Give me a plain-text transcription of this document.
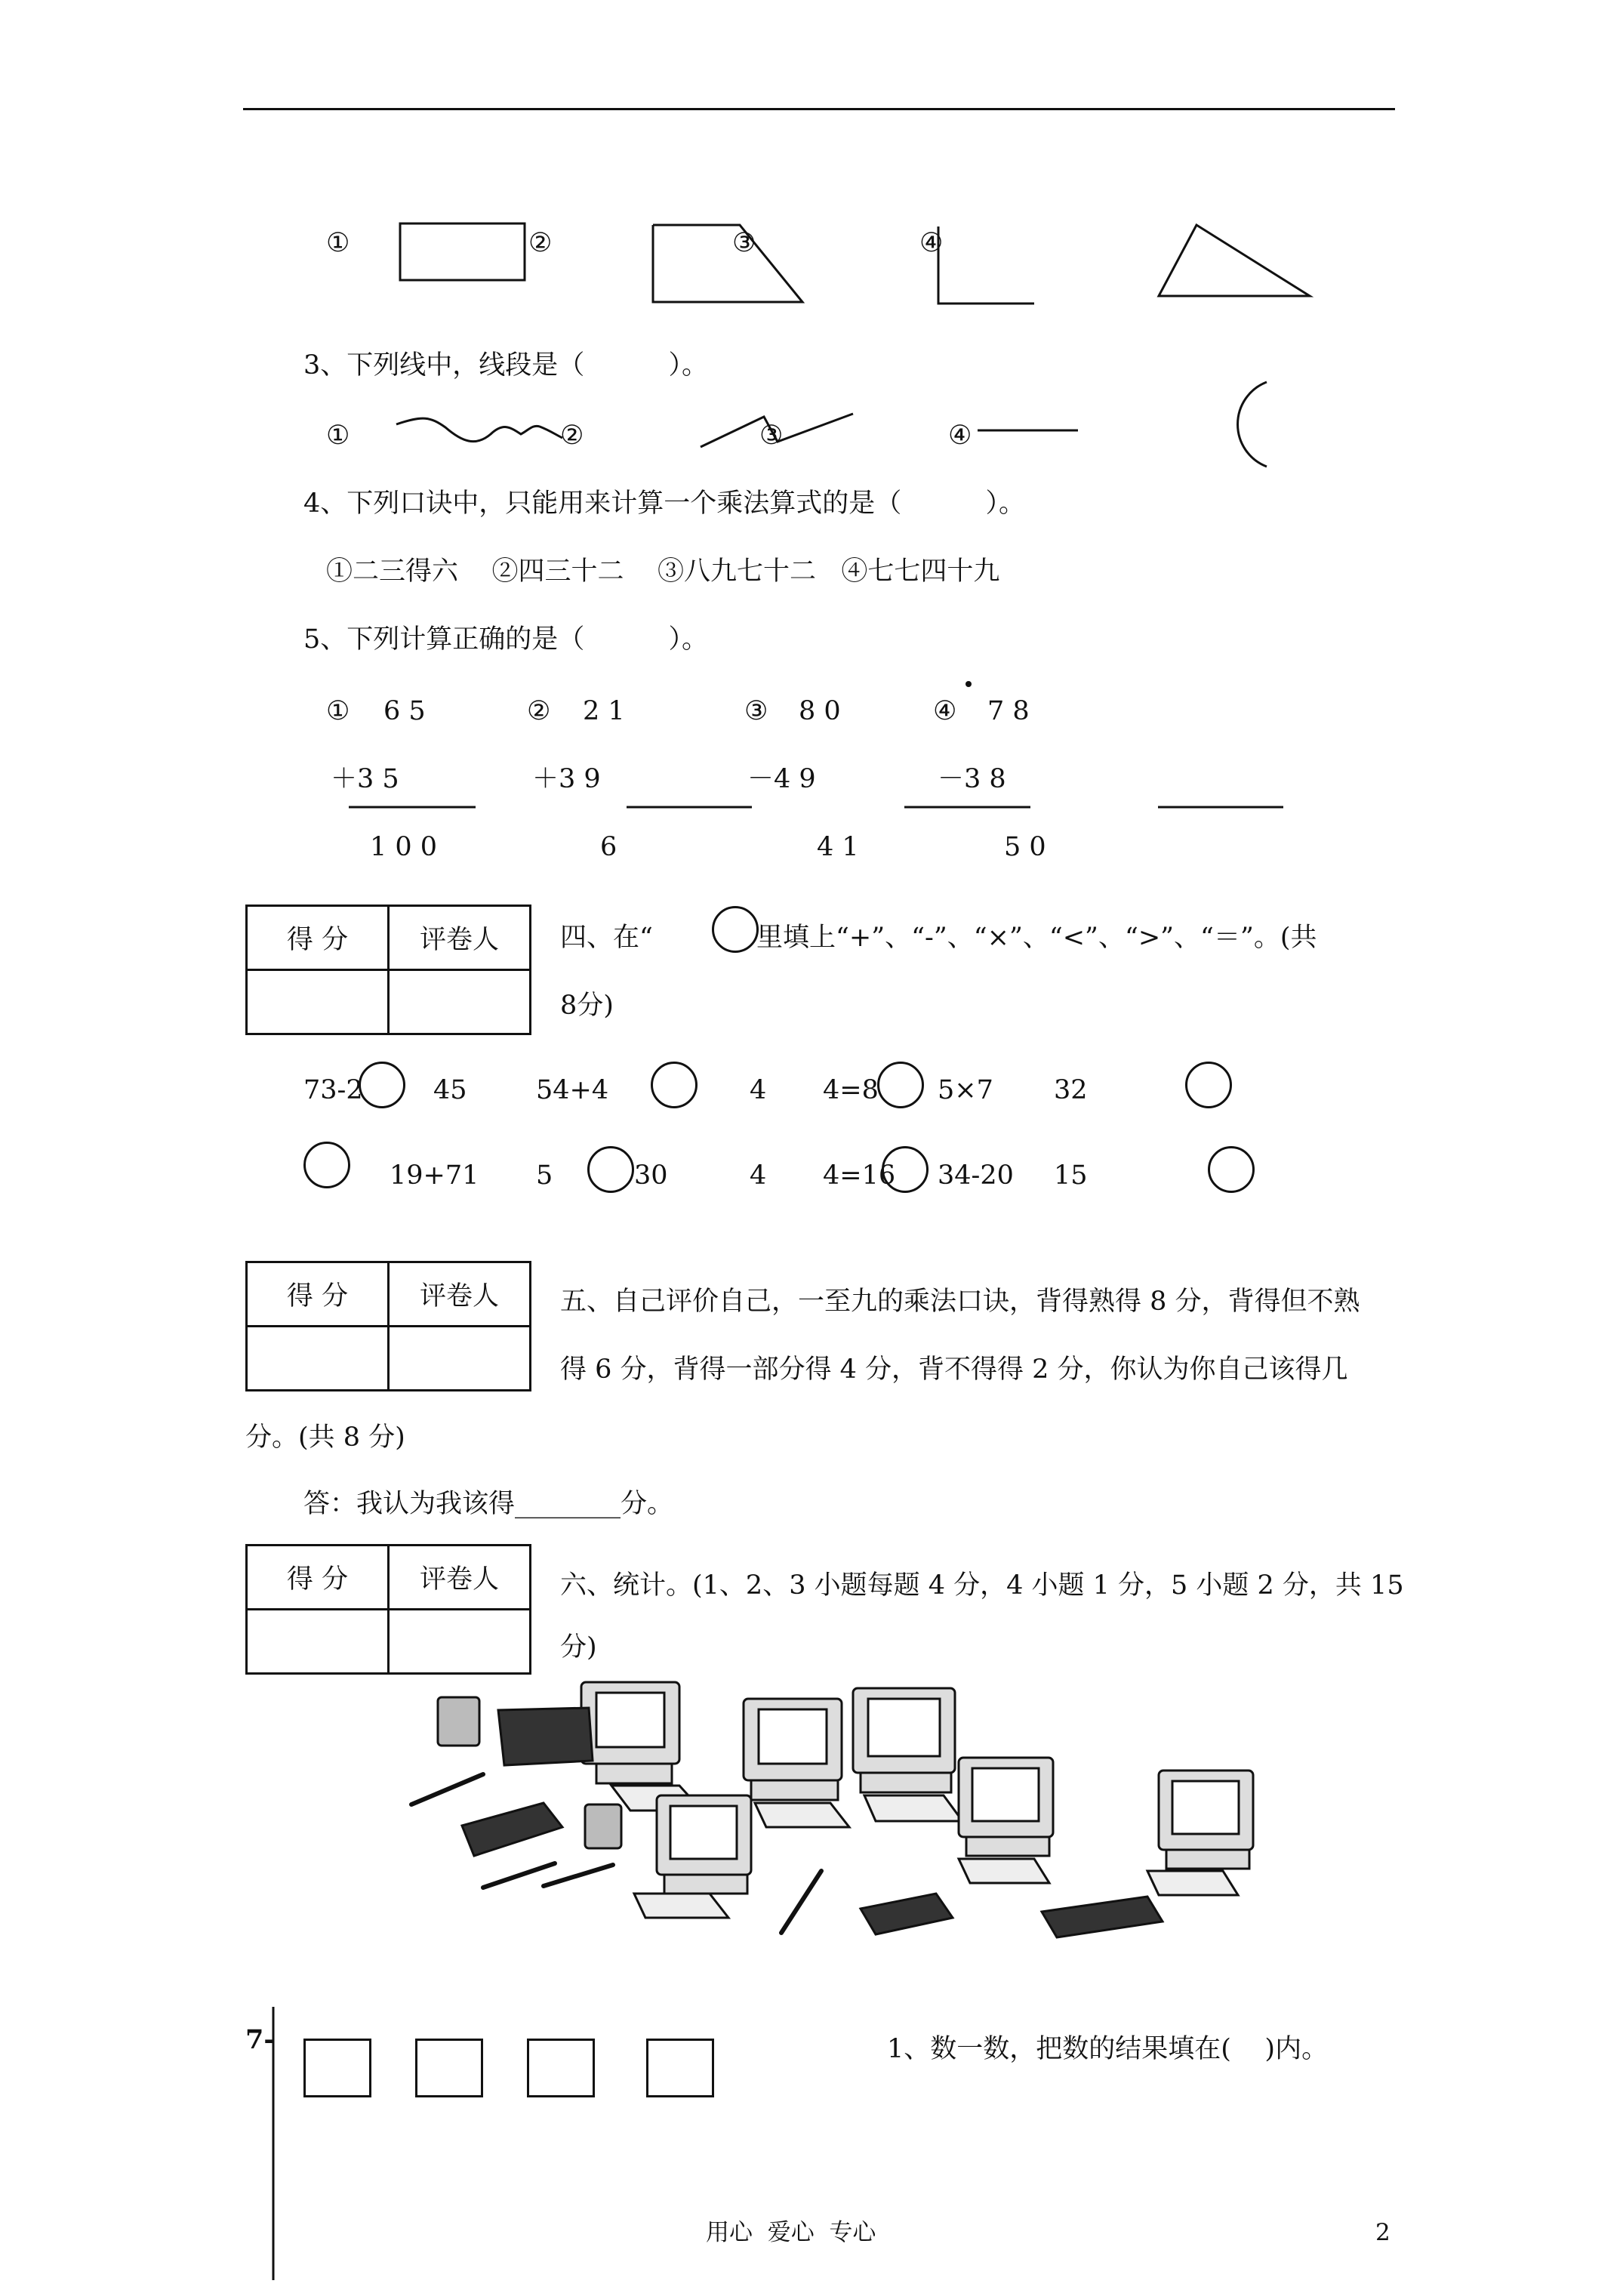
①	②	③	④
3、下列线中，线段是（          ）。
①	②	③	④
4、下列口诀中，只能用来计算一个乘法算式的是（          ）。
①二三得六    ②四三十二    ③八九七十二   ④七七四十九
5、下列计算正确的是（          ）。
① 6 5
＋3 5
1 0 0
② 2 1
＋3 9
6
③ 8 0
－4 9
4 1
④ 7 8
－3 8
5 0
得 分	评卷人
	四、在“	里填上“+”、“-”、“×”、“<”、“>”、“＝”。(共
8分)
73-2	45	54+4	4 4=8 5×7 32
19+71 5	30	4 4=16 34-20 15
得 分	评卷人
	五、自己评价自己，一至九的乘法口诀，背得熟得 8 分，背得但不熟
得 6 分，背得一部分得 4 分，背不得得 2 分，你认为你自己该得几
分。(共 8 分)
答：我认为我该得________分。
得 分	评卷人
	六、统计。(1、2、3 小题每题 4 分，4 小题 1 分，5 小题 2 分，共 15
分)
7-	1、数一数，把数的结果填在(    )内。
用心  爱心  专心	2
